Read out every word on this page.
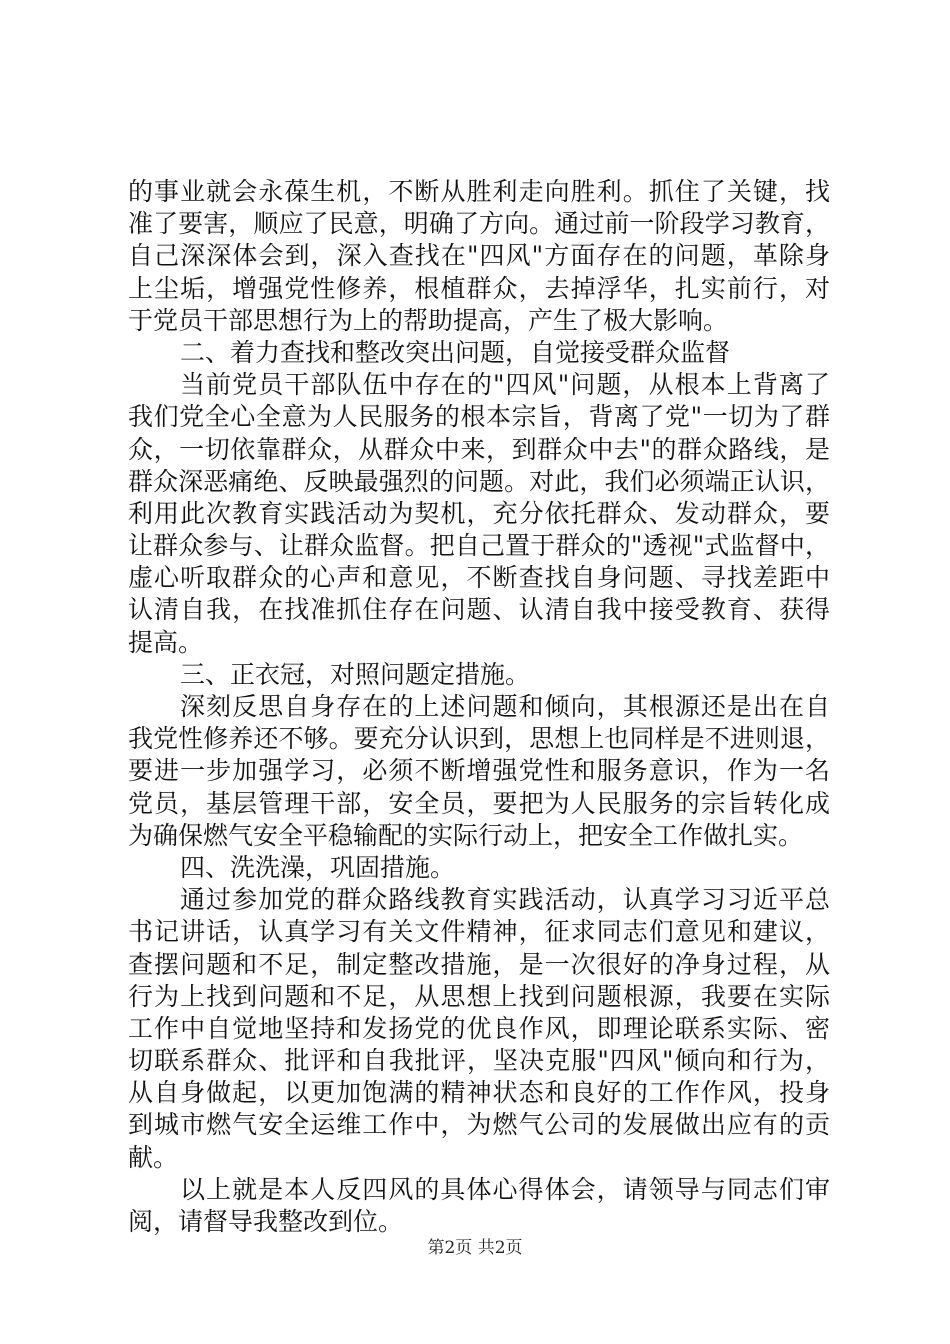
的事业就会永葆生机，不断从胜利走向胜利。抓住了关键，找
准了要害，顺应了民意，明确了方向。通过前一阶段学习教育，
自己深深体会到，深入查找在"四风"方面存在的问题，革除身
上尘垢，增强党性修养，根植群众，去掉浮华，扎实前行，对
于党员干部思想行为上的帮助提高，产生了极大影响。
二、着力查找和整改突出问题，自觉接受群众监督
当前党员干部队伍中存在的"四风"问题，从根本上背离了
我们党全心全意为人民服务的根本宗旨，背离了党"一切为了群
众，一切依靠群众，从群众中来，到群众中去"的群众路线，是
群众深恶痛绝、反映最强烈的问题。对此，我们必须端正认识，
利用此次教育实践活动为契机，充分依托群众、发动群众，要
让群众参与、让群众监督。把自己置于群众的"透视"式监督中，
虚心听取群众的心声和意见，不断查找自身问题、寻找差距中
认清自我，在找准抓住存在问题、认清自我中接受教育、获得
提高。
三、正衣冠，对照问题定措施。
深刻反思自身存在的上述问题和倾向，其根源还是出在自
我党性修养还不够。要充分认识到，思想上也同样是不进则退，
要进一步加强学习，必须不断增强党性和服务意识，作为一名
党员，基层管理干部，安全员，要把为人民服务的宗旨转化成
为确保燃气安全平稳输配的实际行动上，把安全工作做扎实。
四、洗洗澡，巩固措施。
通过参加党的群众路线教育实践活动，认真学习习近平总
书记讲话，认真学习有关文件精神，征求同志们意见和建议，
查摆问题和不足，制定整改措施，是一次很好的净身过程，从
行为上找到问题和不足，从思想上找到问题根源，我要在实际
工作中自觉地坚持和发扬党的优良作风，即理论联系实际、密
切联系群众、批评和自我批评，坚决克服"四风"倾向和行为，
从自身做起，以更加饱满的精神状态和良好的工作作风，投身
到城市燃气安全运维工作中，为燃气公司的发展做出应有的贡
献。
以上就是本人反四风的具体心得体会，请领导与同志们审
阅，请督导我整改到位。
第2页 共2页
